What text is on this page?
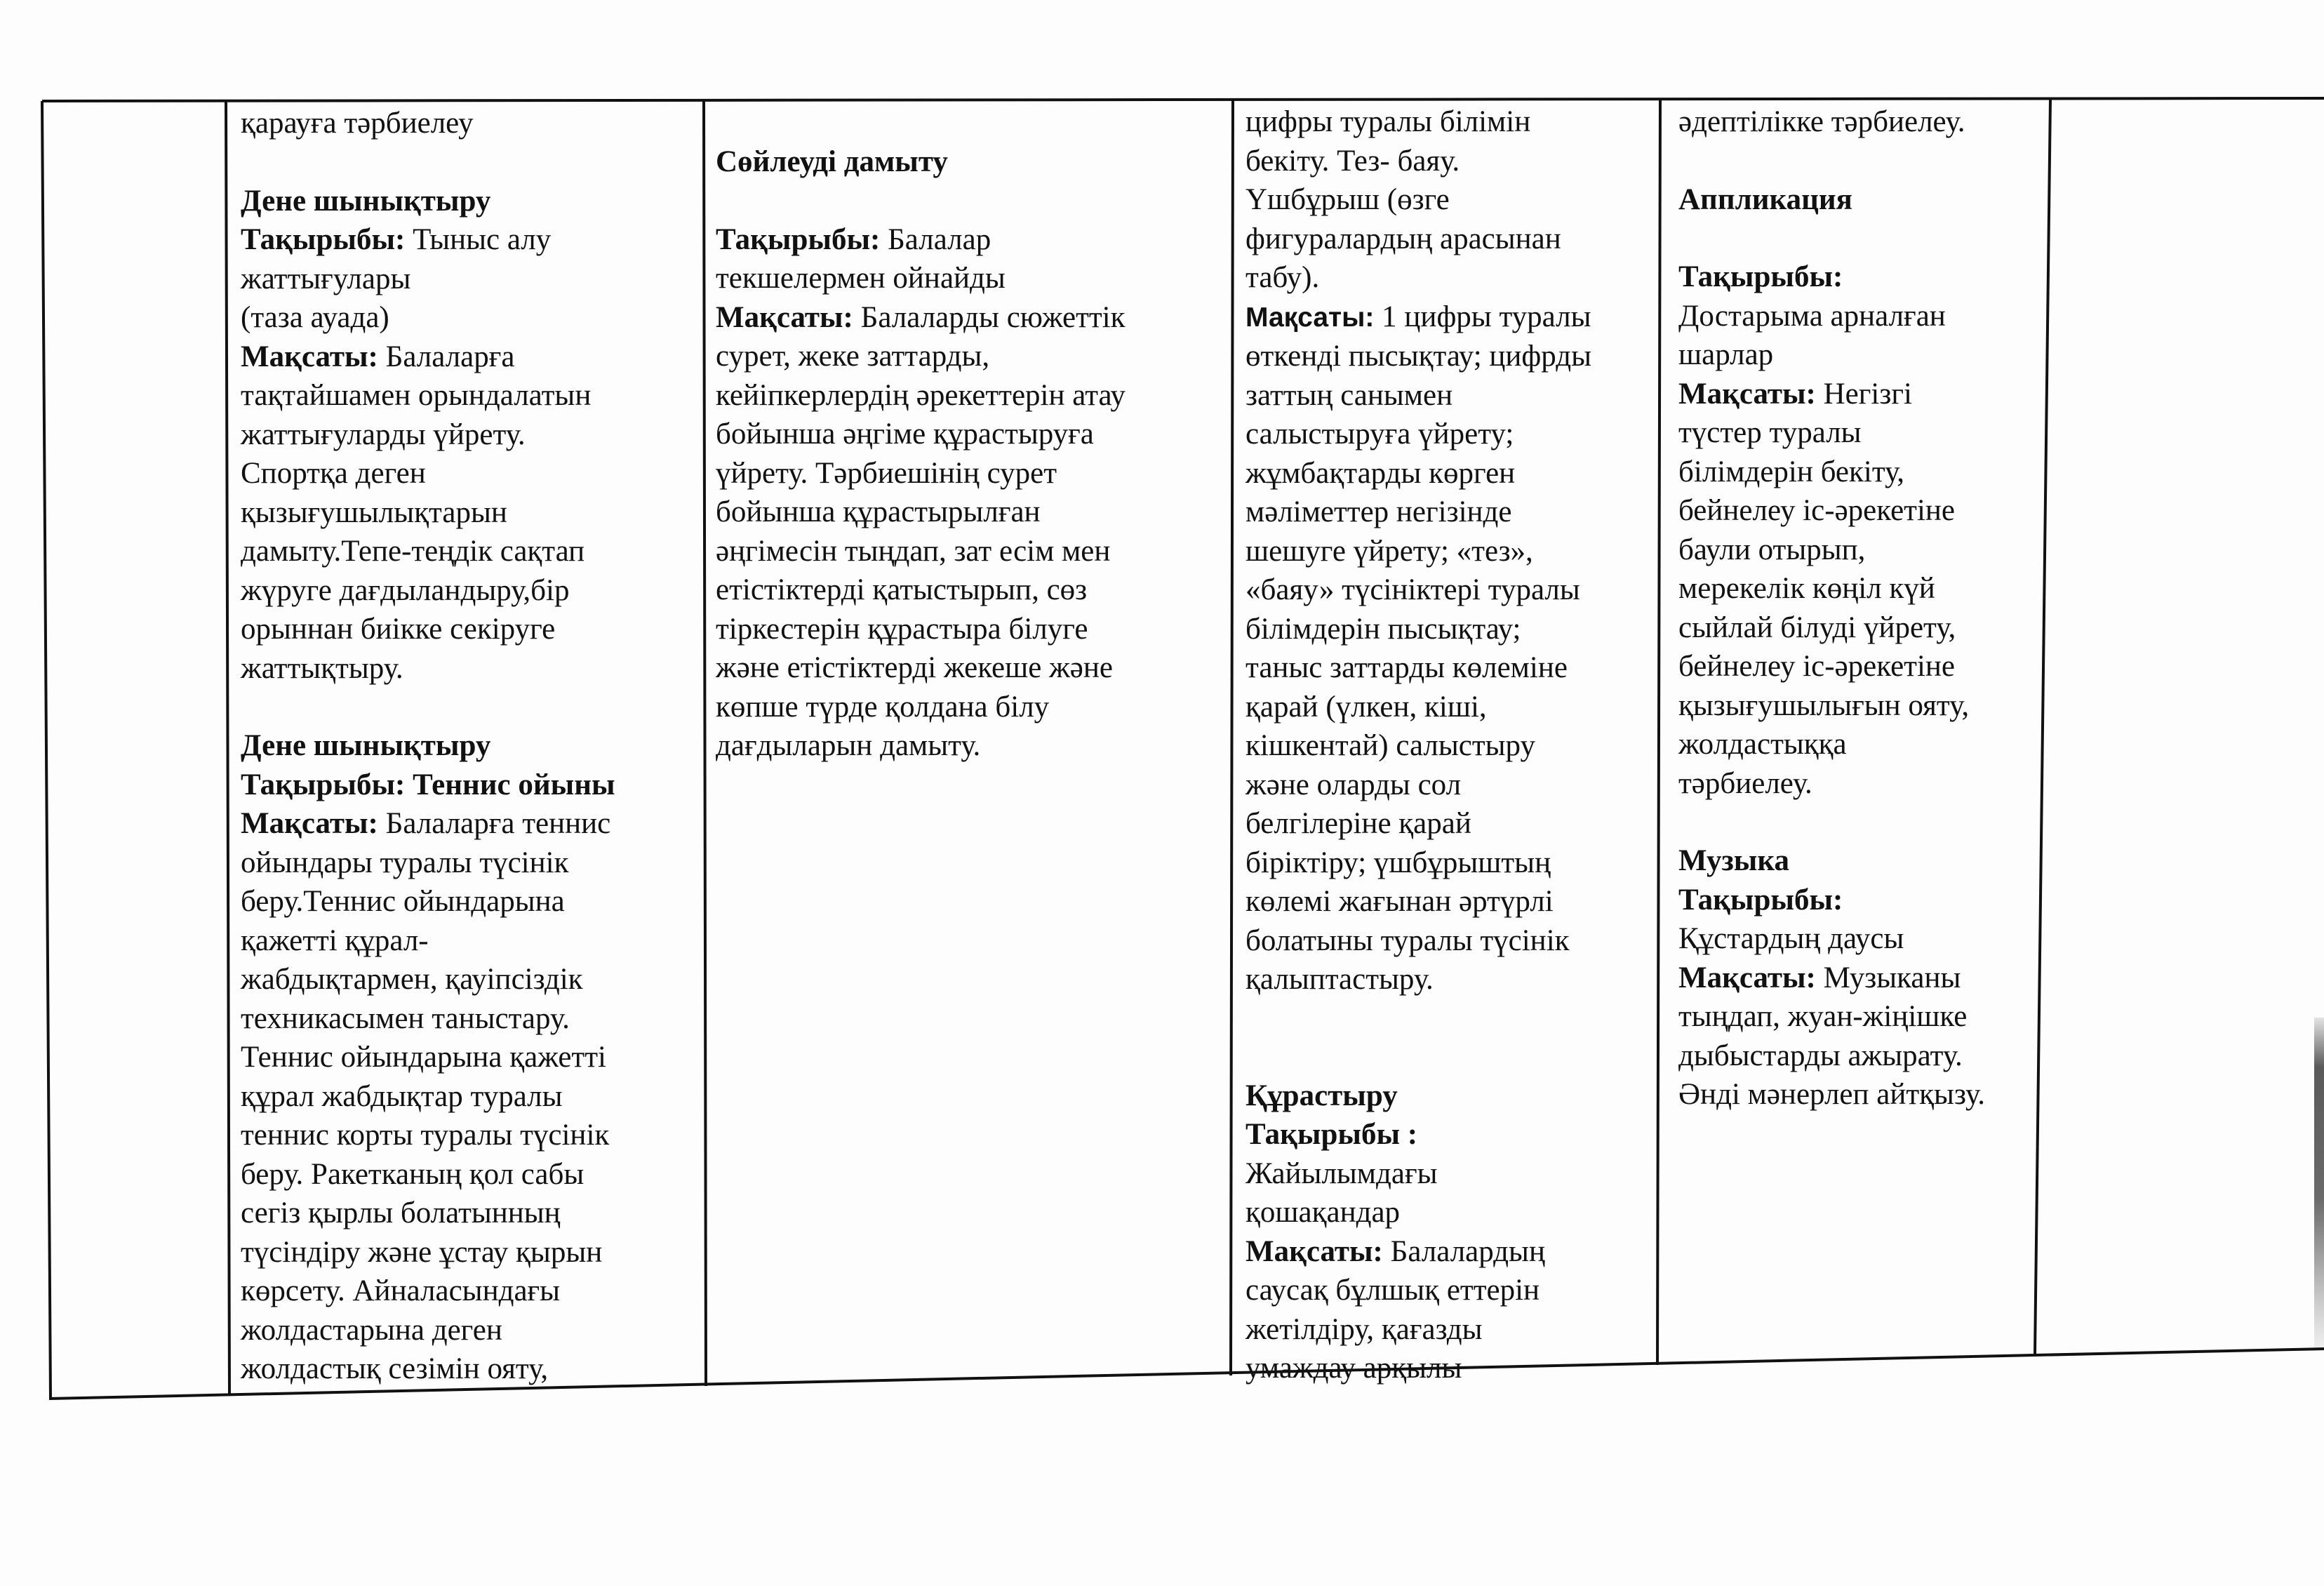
қарауға тәрбиелеу

Дене шынықтыру

Тақырыбы: Тыныс алу

жаттығулары

(таза ауада)

Мақсаты: Балаларға

тақтайшамен орындалатын

жаттығуларды үйрету.

Спортқа деген

қызығушылықтарын

дамыту.Тепе-теңдік сақтап

жүруге дағдыландыру,бір

орыннан биікке секіруге

жаттықтыру.

Дене шынықтыру

Тақырыбы: Теннис ойыны

Мақсаты: Балаларға теннис

ойындары туралы түсінік

беру.Теннис ойындарына

қажетті құрал-

жабдықтармен, қауіпсіздік

техникасымен таныстару.

Теннис ойындарына қажетті

құрал жабдықтар туралы

теннис корты туралы түсінік

беру. Ракетканың қол сабы

сегіз қырлы болатынның

түсіндіру және ұстау қырын

көрсету. Айналасындағы

жолдастарына деген

жолдастық сезімін ояту,

Сөйлеуді дамыту

Тақырыбы: Балалар

текшелермен ойнайды

Мақсаты: Балаларды сюжеттік

сурет, жеке заттарды,

кейіпкерлердің әрекеттерін атау

бойынша әңгіме құрастыруға

үйрету. Тәрбиешінің сурет

бойынша құрастырылған

әңгімесін тыңдап, зат есім мен

етістіктерді қатыстырып, сөз

тіркестерін құрастыра білуге

және етістіктерді жекеше және

көпше түрде қолдана білу

дағдыларын дамыту.

цифры туралы білімін

бекіту. Тез- баяу.

Үшбұрыш (өзге

фигуралардың арасынан

табу).

Мақсаты: 1 цифры туралы

өткенді пысықтау; цифрды

заттың санымен

салыстыруға үйрету;

жұмбақтарды көрген

мәліметтер негізінде

шешуге үйрету; «тез»,

«баяу» түсініктері туралы

білімдерін пысықтау;

таныс заттарды көлеміне

қарай (үлкен, кіші,

кішкентай) салыстыру

және оларды сол

белгілеріне қарай

біріктіру; үшбұрыштың

көлемі жағынан әртүрлі

болатыны туралы түсінік

қалыптастыру.

Құрастыру

Тақырыбы :

Жайылымдағы

қошақандар

Мақсаты: Балалардың

саусақ бұлшық еттерін

жетілдіру, қағазды

умаждау арқылы

әдептілікке тәрбиелеу.

Аппликация

Тақырыбы:

Достарыма арналған

шарлар

Мақсаты: Негізгі

түстер туралы

білімдерін бекіту,

бейнелеу іс-әрекетіне

баули отырып,

мерекелік көңіл күй

сыйлай білуді үйрету,

бейнелеу іс-әрекетіне

қызығушылығын ояту,

жолдастыққа

тәрбиелеу.

Музыка

Тақырыбы:

Құстардың даусы

Мақсаты: Музыканы

тыңдап, жуан-жіңішке

дыбыстарды ажырату.

Әнді мәнерлеп айтқызу.
